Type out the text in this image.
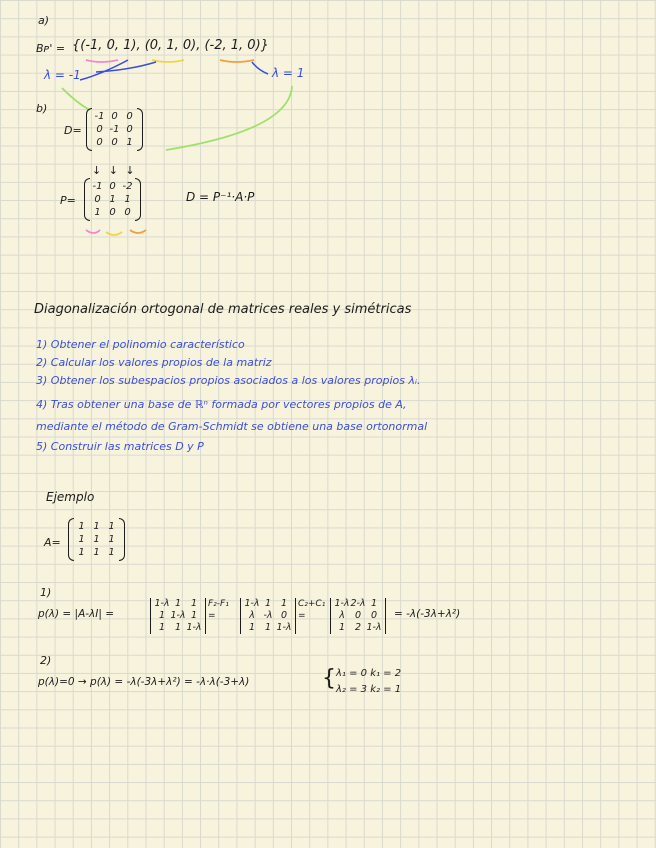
a)
Bᴩ' = {(-1, 0, 1), (0, 1, 0), (-2, 1, 0)}
λ = -1	λ = 1
b)
D=
-1 0 0
0 -1 0
0 0 1
↓ ↓ ↓
P=
-1 0 -2
0 1 1
1 0 0
D = P⁻¹·A·P
Diagonalización ortogonal de matrices reales y simétricas
1) Obtener el polinomio característico
2) Calcular los valores propios de la matriz
3) Obtener los subespacios propios asociados a los valores propios λᵢ.
4) Tras obtener una base de ℝⁿ formada por vectores propios de A,
mediante el método de Gram-Schmidt se obtiene una base ortonormal
5) Construir las matrices D y P
Ejemplo
A=
1 1 1
1 1 1
1 1 1
1)
p(λ) = |A-λI| =
1-λ 1	1
1 1-λ 1
1	1 1-λ
F₂-F₁
=
1-λ 1	1
λ -λ 0
1	1 1-λ
C₂+C₁
=
1-λ 2-λ 1
λ	0	0
1	2 1-λ
= -λ(-3λ+λ²)
2)
p(λ)=0 → p(λ) = -λ(-3λ+λ²) = -λ·λ(-3+λ)	{ λ₁ = 0 k₁ = 2
λ₂ = 3 k₂ = 1
